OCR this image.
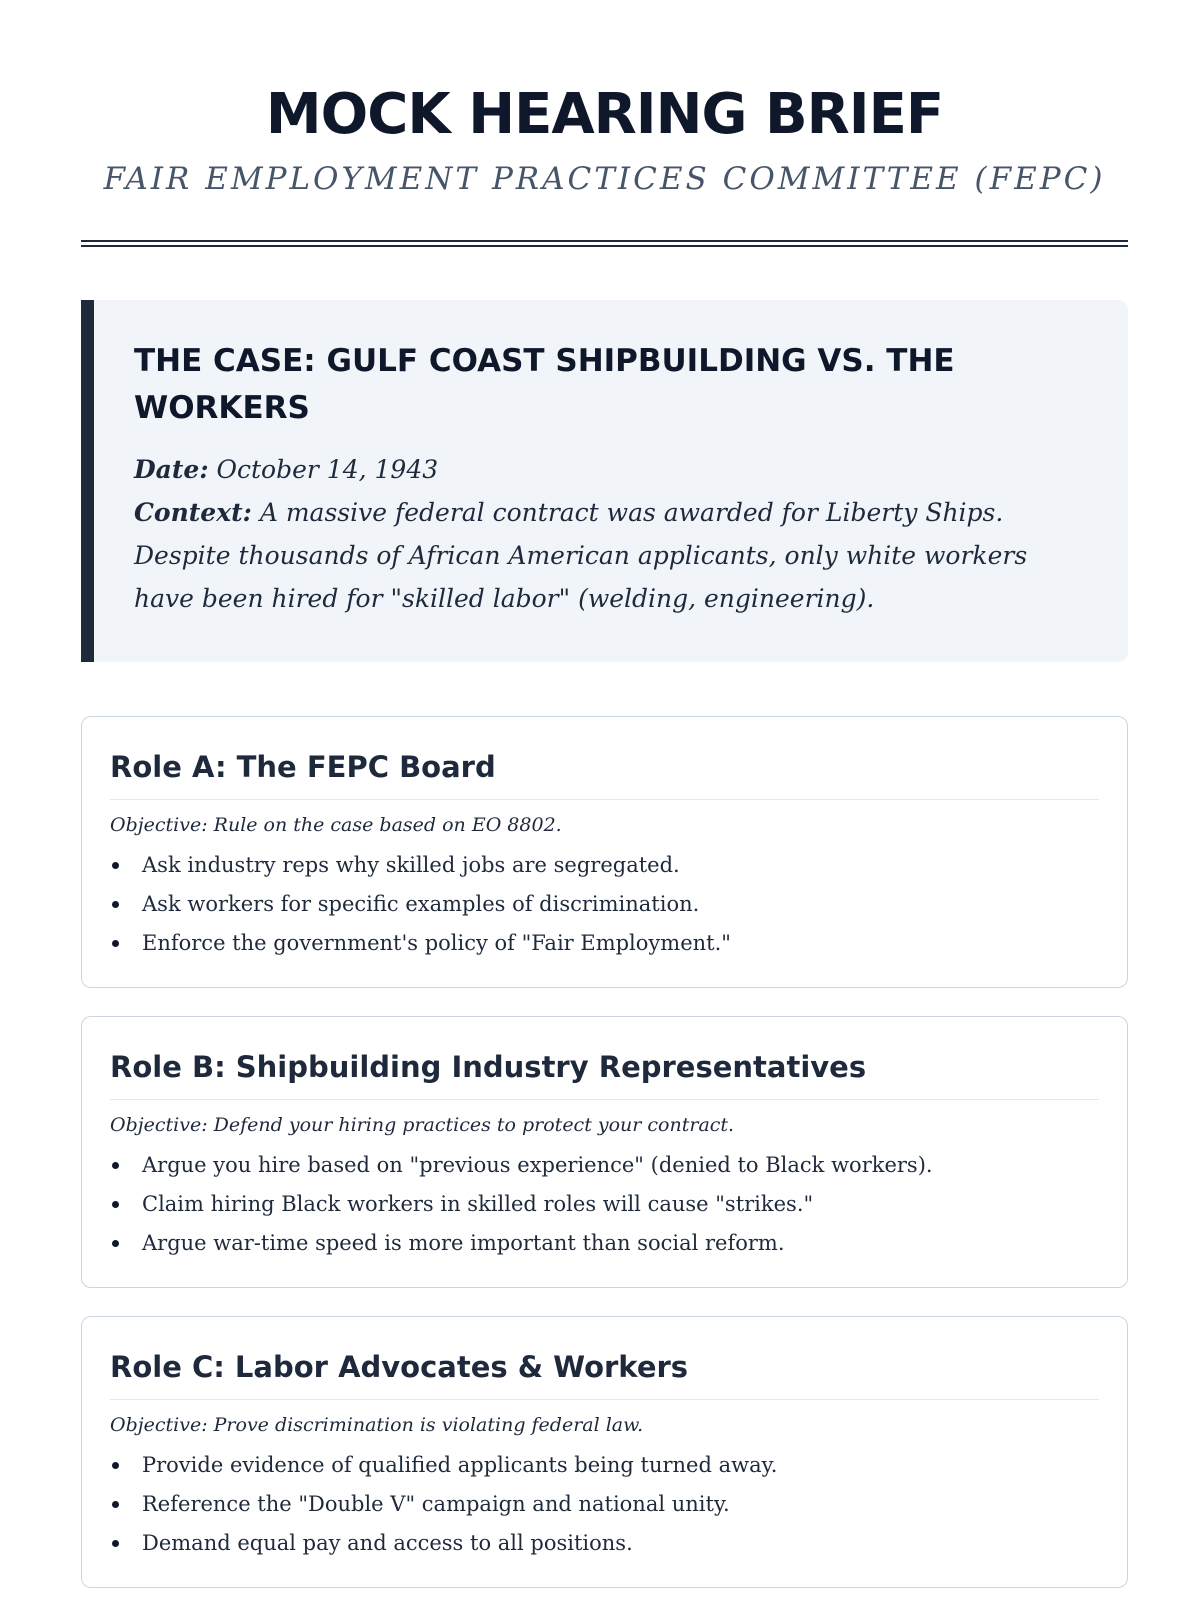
MOCK HEARING BRIEF
FAIR EMPLOYMENT PRACTICES COMMITTEE (FEPC)
THE CASE: GULF COAST SHIPBUILDING VS. THE WORKERS
Date: October 14, 1943
Context: A massive federal contract was awarded for Liberty Ships. Despite thousands of African American applicants, only white workers have been hired for "skilled labor" (welding, engineering).
Role A: The FEPC Board
Objective: Rule on the case based on EO 8802.
Ask industry reps why skilled jobs are segregated.
Ask workers for specific examples of discrimination.
Enforce the government's policy of "Fair Employment."
Role B: Shipbuilding Industry Representatives
Objective: Defend your hiring practices to protect your contract.
Argue you hire based on "previous experience" (denied to Black workers).
Claim hiring Black workers in skilled roles will cause "strikes."
Argue war-time speed is more important than social reform.
Role C: Labor Advocates & Workers
Objective: Prove discrimination is violating federal law.
Provide evidence of qualified applicants being turned away.
Reference the "Double V" campaign and national unity.
Demand equal pay and access to all positions.
